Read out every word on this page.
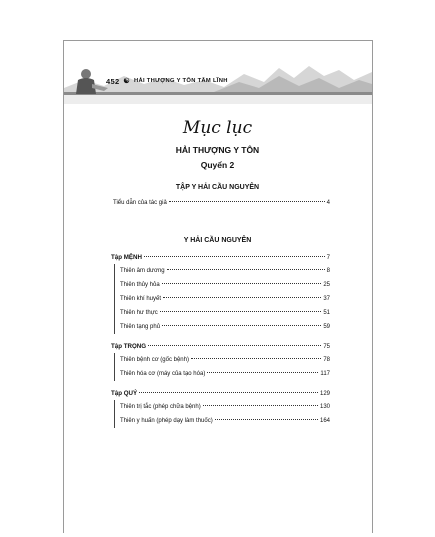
452 ☯ HẢI THƯỢNG Y TÔN TÂM LĨNH
Mục lục
HẢI THƯỢNG Y TÔN
Quyển 2
TẬP Y HẢI CẦU NGUYÊN
Tiểu dẫn của tác giả	4
Y HẢI CẦU NGUYÊN
Tập MỆNH	7
Thiên âm dương	8
Thiên thủy hỏa	25
Thiên khí huyết	37
Thiên hư thực	51
Thiên tạng phủ	59
Tập TRỌNG	75
Thiên bệnh cơ (gốc bệnh)	78
Thiên hóa cơ (máy của tạo hóa)	117
Tập QUÝ	129
Thiên trị tắc (phép chữa bệnh)	130
Thiên y huấn (phép dạy làm thuốc)	164
